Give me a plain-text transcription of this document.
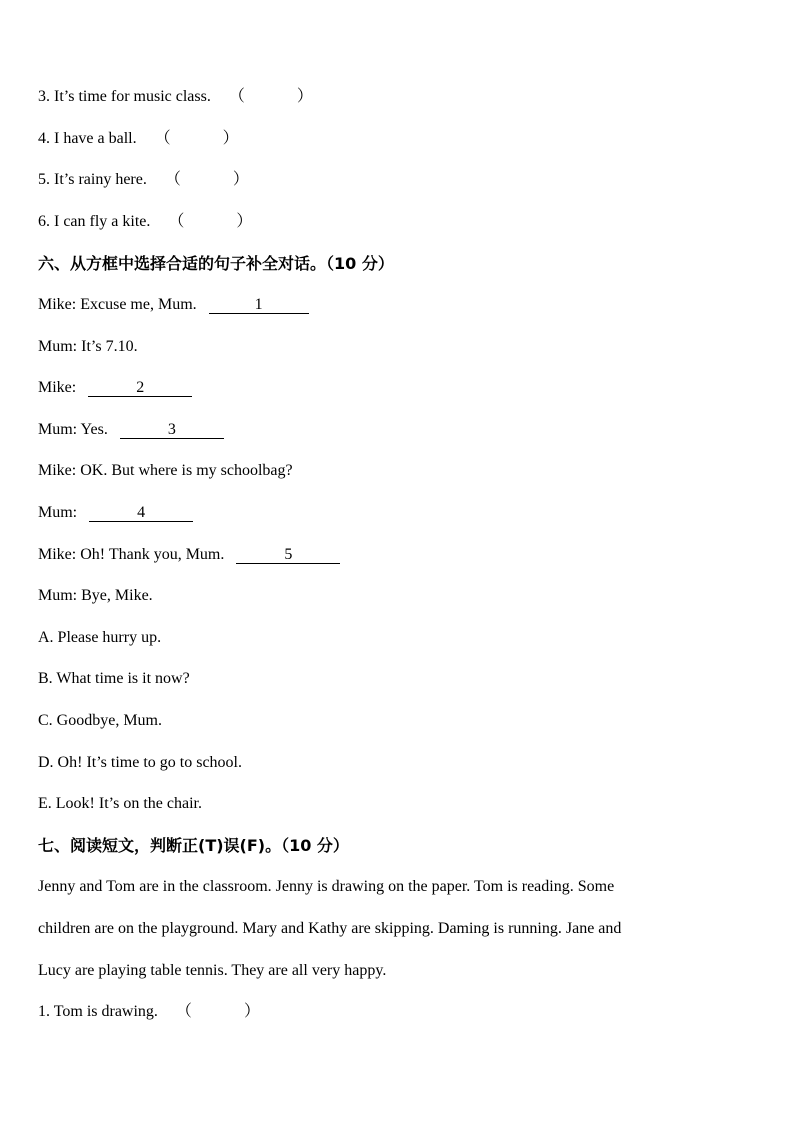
3. It’s time for music class. （	）
4. I have a ball. （	）
5. It’s rainy here. （	）
6. I can fly a kite. （	）
六、从方框中选择合适的句子补全对话。（10 分）
Mike: Excuse me, Mum.	1
Mum: It’s 7.10.
Mike:	2
Mum: Yes.	3
Mike: OK. But where is my schoolbag?
Mum:	4
Mike: Oh! Thank you, Mum.	5
Mum: Bye, Mike.
A. Please hurry up.
B. What time is it now?
C. Goodbye, Mum.
D. Oh! It’s time to go to school.
E. Look! It’s on the chair.
七、阅读短文，判断正(T)误(F)。（10 分）
Jenny and Tom are in the classroom. Jenny is drawing on the paper. Tom is reading. Some
children are on the playground. Mary and Kathy are skipping. Daming is running. Jane and
Lucy are playing table tennis. They are all very happy.
1. Tom is drawing. （	）
